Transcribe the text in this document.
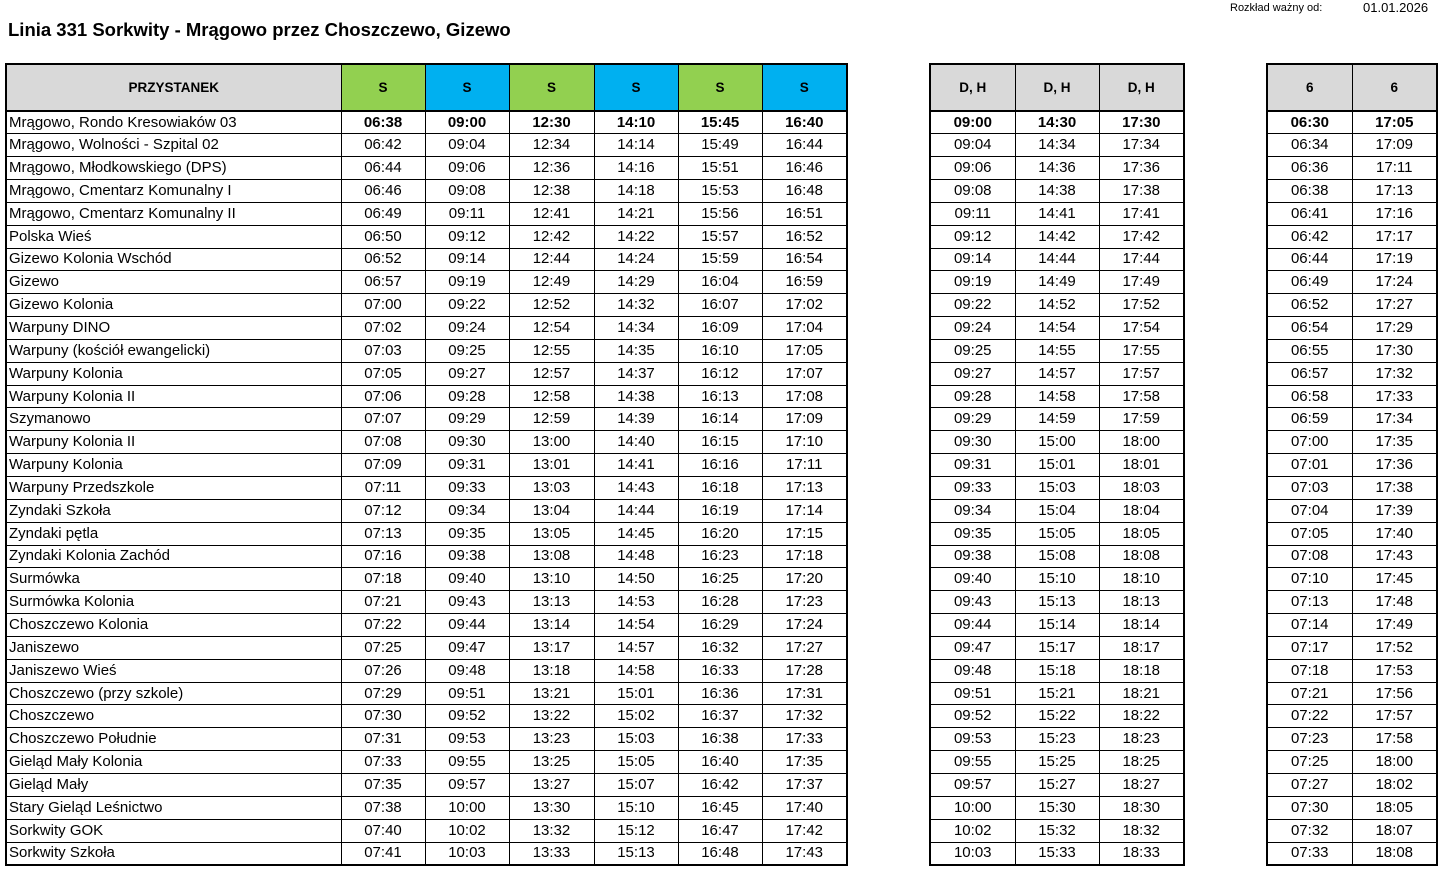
Linia 331 Sorkwity - Mrągowo przez Choszczewo, Gizewo
Rozkład ważny od:	01.01.2026
PRZYSTANEK	S	S	S	S	S	S
Mrągowo, Rondo Kresowiaków 03	06:38	09:00	12:30	14:10	15:45	16:40
Mrągowo, Wolności - Szpital 02	06:42	09:04	12:34	14:14	15:49	16:44
Mrągowo, Młodkowskiego (DPS)	06:44	09:06	12:36	14:16	15:51	16:46
Mrągowo, Cmentarz Komunalny I	06:46	09:08	12:38	14:18	15:53	16:48
Mrągowo, Cmentarz Komunalny II	06:49	09:11	12:41	14:21	15:56	16:51
Polska Wieś	06:50	09:12	12:42	14:22	15:57	16:52
Gizewo Kolonia Wschód	06:52	09:14	12:44	14:24	15:59	16:54
Gizewo	06:57	09:19	12:49	14:29	16:04	16:59
Gizewo Kolonia	07:00	09:22	12:52	14:32	16:07	17:02
Warpuny DINO	07:02	09:24	12:54	14:34	16:09	17:04
Warpuny (kościół ewangelicki)	07:03	09:25	12:55	14:35	16:10	17:05
Warpuny Kolonia	07:05	09:27	12:57	14:37	16:12	17:07
Warpuny Kolonia II	07:06	09:28	12:58	14:38	16:13	17:08
Szymanowo	07:07	09:29	12:59	14:39	16:14	17:09
Warpuny Kolonia II	07:08	09:30	13:00	14:40	16:15	17:10
Warpuny Kolonia	07:09	09:31	13:01	14:41	16:16	17:11
Warpuny Przedszkole	07:11	09:33	13:03	14:43	16:18	17:13
Zyndaki Szkoła	07:12	09:34	13:04	14:44	16:19	17:14
Zyndaki pętla	07:13	09:35	13:05	14:45	16:20	17:15
Zyndaki Kolonia Zachód	07:16	09:38	13:08	14:48	16:23	17:18
Surmówka	07:18	09:40	13:10	14:50	16:25	17:20
Surmówka Kolonia	07:21	09:43	13:13	14:53	16:28	17:23
Choszczewo Kolonia	07:22	09:44	13:14	14:54	16:29	17:24
Janiszewo	07:25	09:47	13:17	14:57	16:32	17:27
Janiszewo Wieś	07:26	09:48	13:18	14:58	16:33	17:28
Choszczewo (przy szkole)	07:29	09:51	13:21	15:01	16:36	17:31
Choszczewo	07:30	09:52	13:22	15:02	16:37	17:32
Choszczewo Południe	07:31	09:53	13:23	15:03	16:38	17:33
Gieląd Mały Kolonia	07:33	09:55	13:25	15:05	16:40	17:35
Gieląd Mały	07:35	09:57	13:27	15:07	16:42	17:37
Stary Gieląd Leśnictwo	07:38	10:00	13:30	15:10	16:45	17:40
Sorkwity GOK	07:40	10:02	13:32	15:12	16:47	17:42
Sorkwity Szkoła	07:41	10:03	13:33	15:13	16:48	17:43
D, H	D, H	D, H
09:00	14:30	17:30
09:04	14:34	17:34
09:06	14:36	17:36
09:08	14:38	17:38
09:11	14:41	17:41
09:12	14:42	17:42
09:14	14:44	17:44
09:19	14:49	17:49
09:22	14:52	17:52
09:24	14:54	17:54
09:25	14:55	17:55
09:27	14:57	17:57
09:28	14:58	17:58
09:29	14:59	17:59
09:30	15:00	18:00
09:31	15:01	18:01
09:33	15:03	18:03
09:34	15:04	18:04
09:35	15:05	18:05
09:38	15:08	18:08
09:40	15:10	18:10
09:43	15:13	18:13
09:44	15:14	18:14
09:47	15:17	18:17
09:48	15:18	18:18
09:51	15:21	18:21
09:52	15:22	18:22
09:53	15:23	18:23
09:55	15:25	18:25
09:57	15:27	18:27
10:00	15:30	18:30
10:02	15:32	18:32
10:03	15:33	18:33
6	6
06:30	17:05
06:34	17:09
06:36	17:11
06:38	17:13
06:41	17:16
06:42	17:17
06:44	17:19
06:49	17:24
06:52	17:27
06:54	17:29
06:55	17:30
06:57	17:32
06:58	17:33
06:59	17:34
07:00	17:35
07:01	17:36
07:03	17:38
07:04	17:39
07:05	17:40
07:08	17:43
07:10	17:45
07:13	17:48
07:14	17:49
07:17	17:52
07:18	17:53
07:21	17:56
07:22	17:57
07:23	17:58
07:25	18:00
07:27	18:02
07:30	18:05
07:32	18:07
07:33	18:08
